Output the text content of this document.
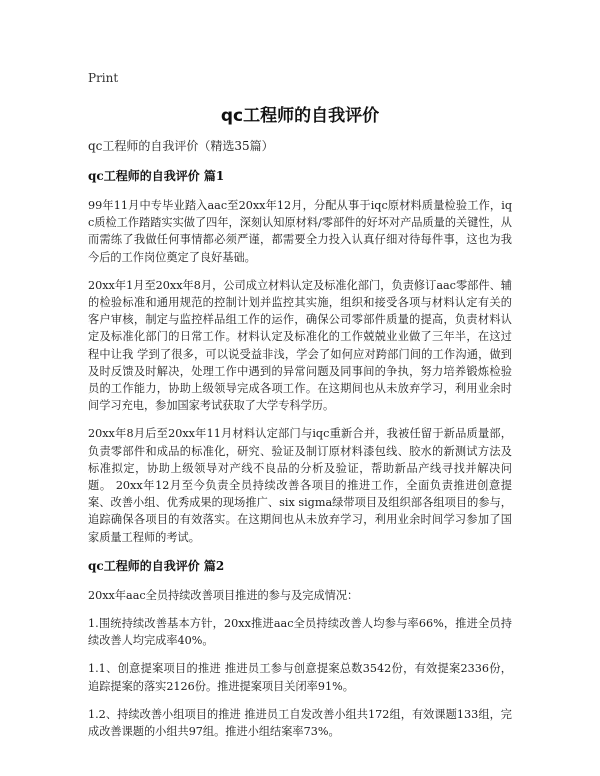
Print
qc工程师的自我评价
qc工程师的自我评价（精选35篇）
qc工程师的自我评价 篇1

99年11月中专毕业踏入aac至20xx年12月，分配从事于iqc原材料质量检验工作，iqc质检工作踏踏实实做了四年，深刻认知原材料/零部件的好坏对产品质量的关键性，从而需练了我做任何事情都必须严谨，都需要全力投入认真仔细对待每件事，这也为我今后的工作岗位奠定了良好基础。

20xx年1月至20xx年8月，公司成立材料认定及标准化部门，负责修订aac零部件、辅的检验标准和通用规范的控制计划并监控其实施，组织和接受各项与材料认定有关的客户审核，制定与监控样品组工作的运作，确保公司零部件质量的提高，负责材料认定及标准化部门的日常工作。材料认定及标准化的工作兢兢业业做了三年半，在这过程中让我 学到了很多，可以说受益非浅，学会了如何应对跨部门间的工作沟通，做到及时反馈及时解决，处理工作中遇到的异常问题及同事间的争执，努力培养锻炼检验员的工作能力，协助上级领导完成各项工作。在这期间也从未放弃学习，利用业余时间学习充电，参加国家考试获取了大学专科学历。

20xx年8月后至20xx年11月材料认定部门与iqc重新合并，我被任留于新品质量部，负责零部件和成品的标准化，研究、验证及制订原材料漆包线、胶水的新测试方法及标准拟定，协助上级领导对产线不良品的分析及验证，帮助新品产线寻找并解决问题。 20xx年12月至今负责全员持续改善各项目的推进工作，全面负责推进创意提案、改善小组、优秀成果的现场推广、six sigma绿带项目及组织部各组项目的参与，追踪确保各项目的有效落实。在这期间也从未放弃学习，利用业余时间学习参加了国家质量工程师的考试。

qc工程师的自我评价 篇2

20xx年aac全员持续改善项目推进的参与及完成情况：

1.围统持续改善基本方针，20xx推进aac全员持续改善人均参与率66%，推进全员持续改善人均完成率40%。

1.1、创意提案项目的推进 推进员工参与创意提案总数3542份，有效提案2336份，追踪提案的落实2126份。推进提案项目关闭率91%。

1.2、持续改善小组项目的推进 推进员工自发改善小组共172组，有效课题133组，完成改善课题的小组共97组。推进小组结案率73%。
